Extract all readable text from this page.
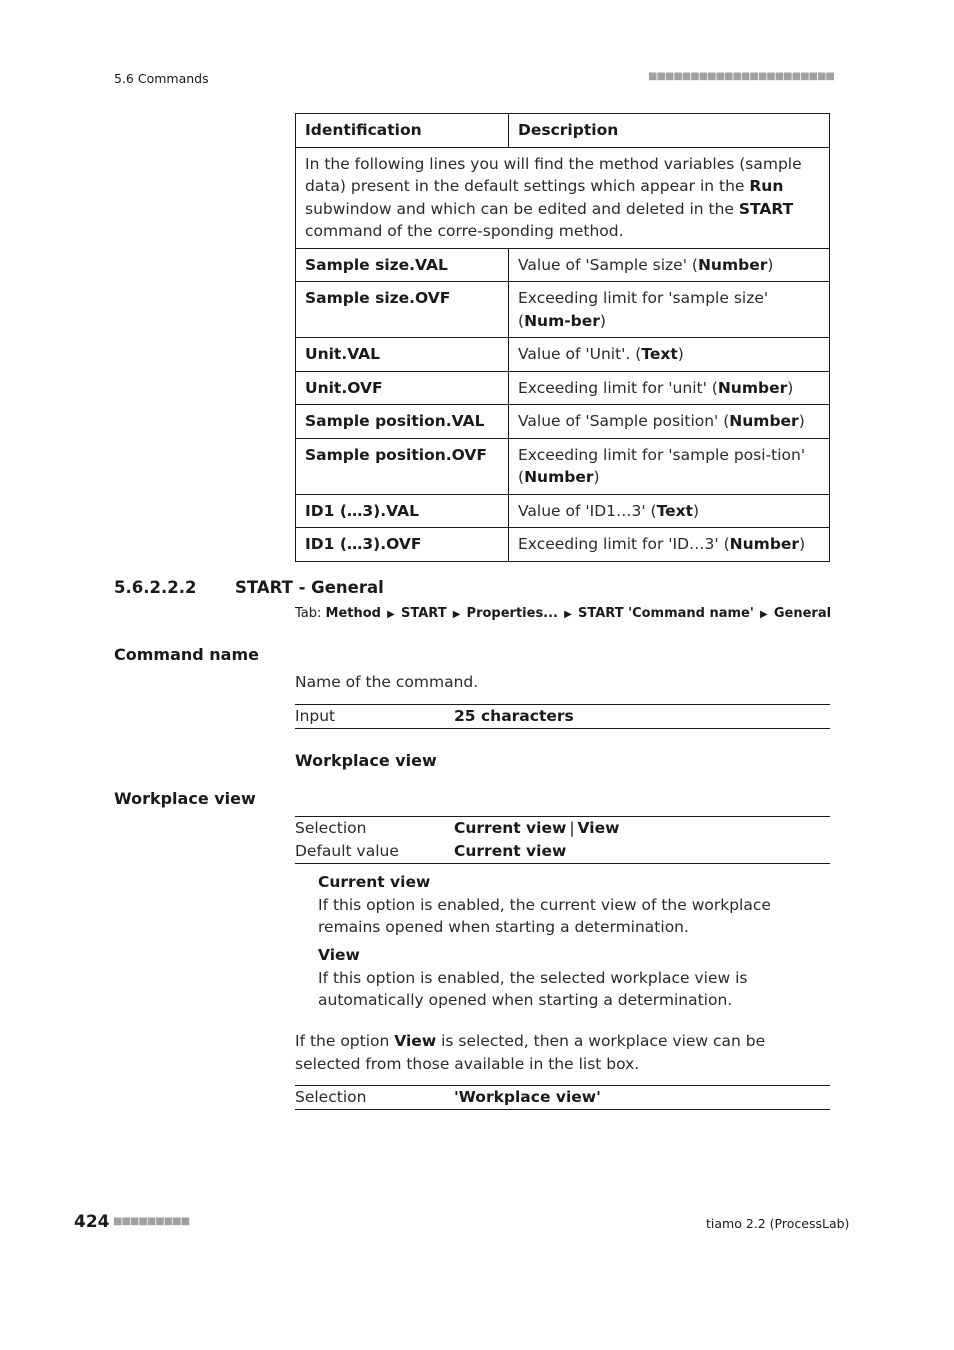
5.6 Commands	■■■■■■■■■■■■■■■■■■■■■■
Identification	Description
In the following lines you will find the method variables (sample data) present in the default settings which appear in the Run subwindow and which can be edited and deleted in the START command of the corre-sponding method.	
Sample size.VAL	Value of 'Sample size' (Number)
Sample size.OVF	Exceeding limit for 'sample size' (Num-ber)
Unit.VAL	Value of 'Unit'. (Text)
Unit.OVF	Exceeding limit for 'unit' (Number)
Sample position.VAL	Value of 'Sample position' (Number)
Sample position.OVF	Exceeding limit for 'sample posi-tion' (Number)
ID1 (…3).VAL	Value of 'ID1…3' (Text)
ID1 (…3).OVF	Exceeding limit for 'ID…3' (Number)
5.6.2.2.2 START - General
Tab: Method ▶ START ▶ Properties... ▶ START 'Command name' ▶ General
Command name
Name of the command.
Input	25 characters
Workplace view
Workplace view
Selection	Current view | View
Default value	Current view
Current view
If this option is enabled, the current view of the workplace remains opened when starting a determination.
View
If this option is enabled, the selected workplace view is automatically opened when starting a determination.
If the option View is selected, then a workplace view can be selected from those available in the list box.
Selection	'Workplace view'
424 ■■■■■■■■■	tiamo 2.2 (ProcessLab)
